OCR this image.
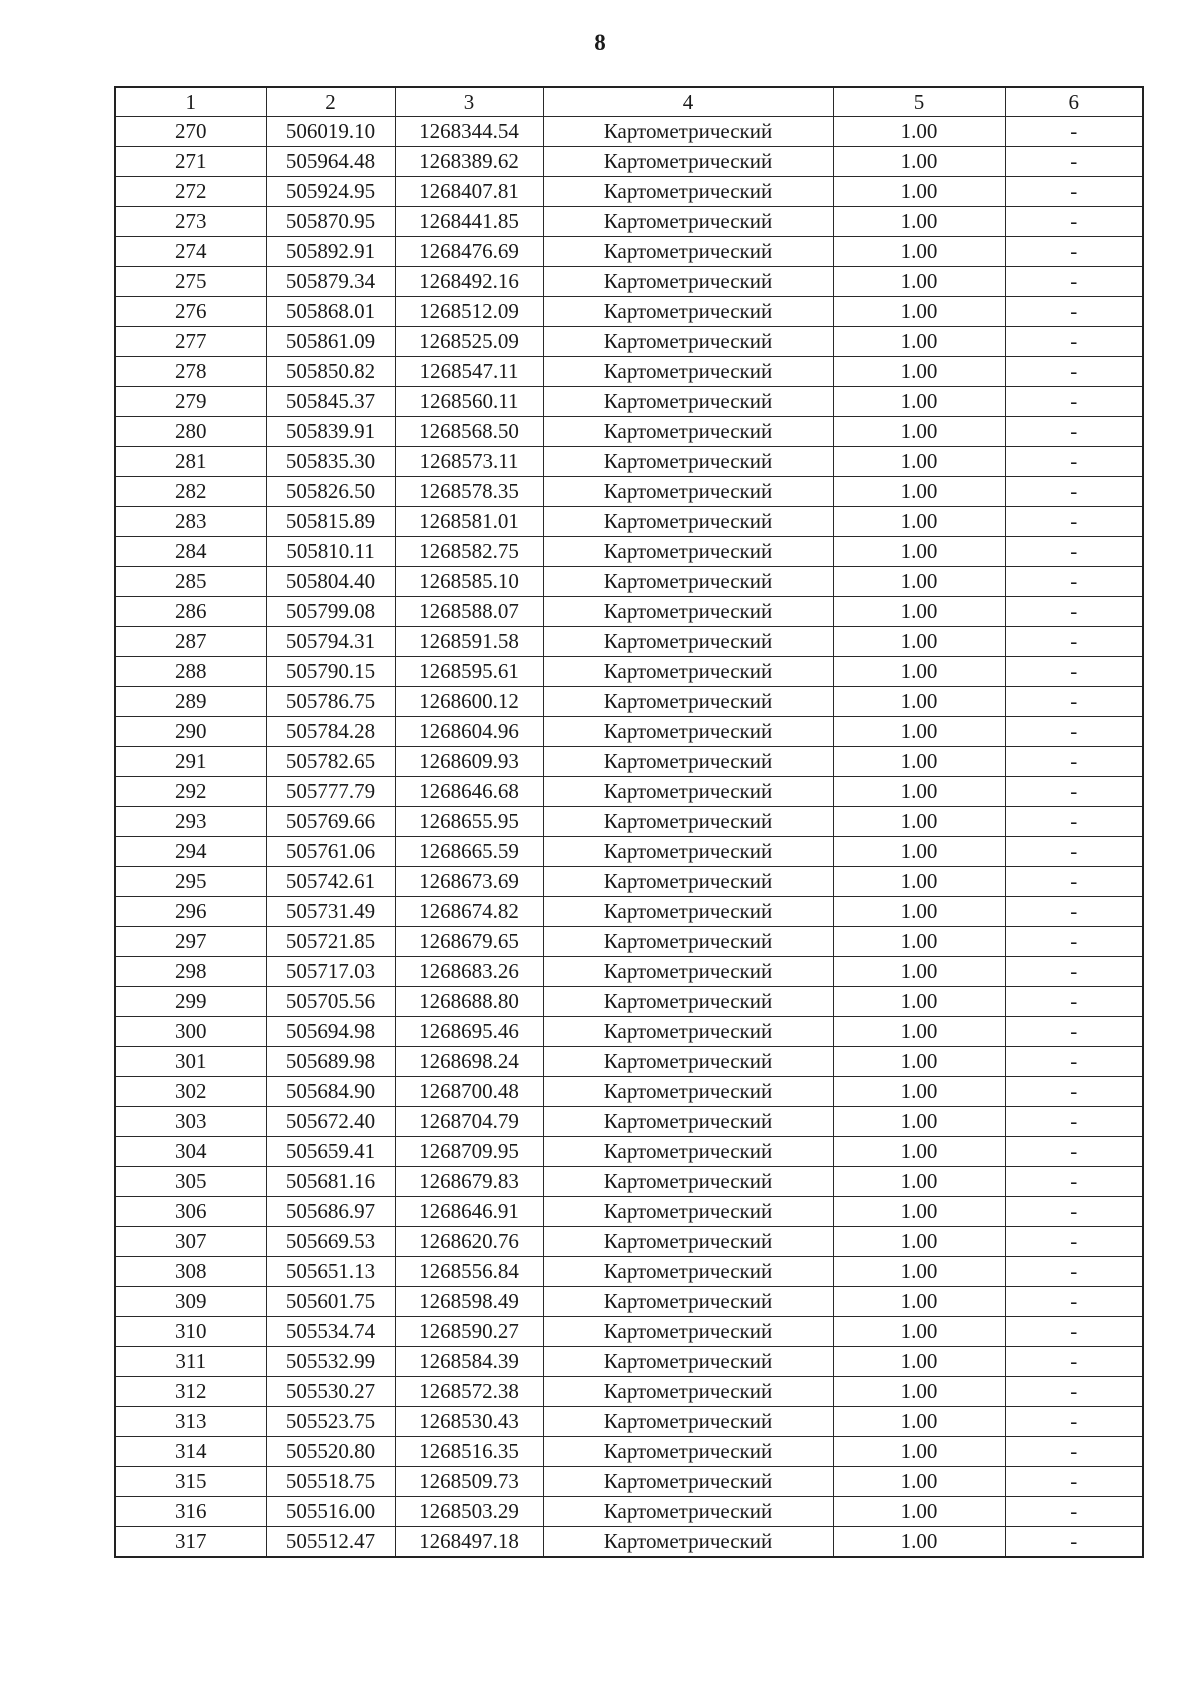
8
1	2	3	4	5	6
270	506019.10	1268344.54	Картометрический	1.00	-
271	505964.48	1268389.62	Картометрический	1.00	-
272	505924.95	1268407.81	Картометрический	1.00	-
273	505870.95	1268441.85	Картометрический	1.00	-
274	505892.91	1268476.69	Картометрический	1.00	-
275	505879.34	1268492.16	Картометрический	1.00	-
276	505868.01	1268512.09	Картометрический	1.00	-
277	505861.09	1268525.09	Картометрический	1.00	-
278	505850.82	1268547.11	Картометрический	1.00	-
279	505845.37	1268560.11	Картометрический	1.00	-
280	505839.91	1268568.50	Картометрический	1.00	-
281	505835.30	1268573.11	Картометрический	1.00	-
282	505826.50	1268578.35	Картометрический	1.00	-
283	505815.89	1268581.01	Картометрический	1.00	-
284	505810.11	1268582.75	Картометрический	1.00	-
285	505804.40	1268585.10	Картометрический	1.00	-
286	505799.08	1268588.07	Картометрический	1.00	-
287	505794.31	1268591.58	Картометрический	1.00	-
288	505790.15	1268595.61	Картометрический	1.00	-
289	505786.75	1268600.12	Картометрический	1.00	-
290	505784.28	1268604.96	Картометрический	1.00	-
291	505782.65	1268609.93	Картометрический	1.00	-
292	505777.79	1268646.68	Картометрический	1.00	-
293	505769.66	1268655.95	Картометрический	1.00	-
294	505761.06	1268665.59	Картометрический	1.00	-
295	505742.61	1268673.69	Картометрический	1.00	-
296	505731.49	1268674.82	Картометрический	1.00	-
297	505721.85	1268679.65	Картометрический	1.00	-
298	505717.03	1268683.26	Картометрический	1.00	-
299	505705.56	1268688.80	Картометрический	1.00	-
300	505694.98	1268695.46	Картометрический	1.00	-
301	505689.98	1268698.24	Картометрический	1.00	-
302	505684.90	1268700.48	Картометрический	1.00	-
303	505672.40	1268704.79	Картометрический	1.00	-
304	505659.41	1268709.95	Картометрический	1.00	-
305	505681.16	1268679.83	Картометрический	1.00	-
306	505686.97	1268646.91	Картометрический	1.00	-
307	505669.53	1268620.76	Картометрический	1.00	-
308	505651.13	1268556.84	Картометрический	1.00	-
309	505601.75	1268598.49	Картометрический	1.00	-
310	505534.74	1268590.27	Картометрический	1.00	-
311	505532.99	1268584.39	Картометрический	1.00	-
312	505530.27	1268572.38	Картометрический	1.00	-
313	505523.75	1268530.43	Картометрический	1.00	-
314	505520.80	1268516.35	Картометрический	1.00	-
315	505518.75	1268509.73	Картометрический	1.00	-
316	505516.00	1268503.29	Картометрический	1.00	-
317	505512.47	1268497.18	Картометрический	1.00	-
